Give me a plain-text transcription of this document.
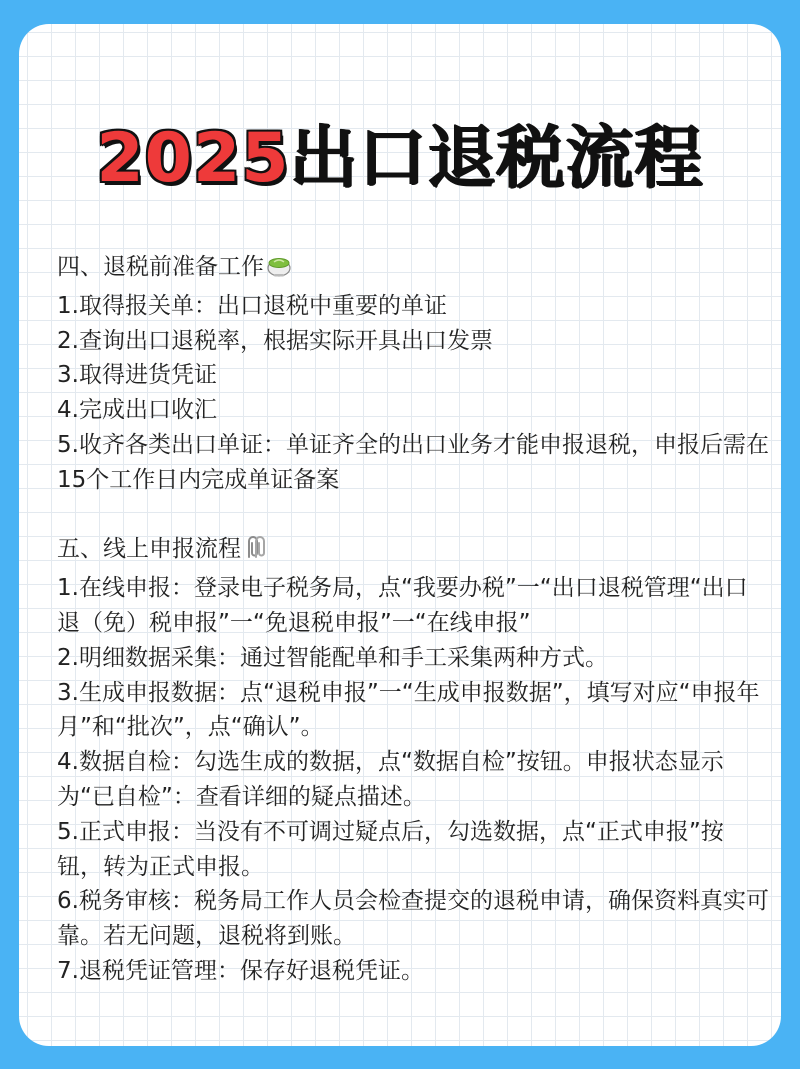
2025出口退税流程
四、退税前准备工作
1.取得报关单：出口退税中重要的单证
2.查询出口退税率，根据实际开具出口发票
3.取得进货凭证
4.完成出口收汇
5.收齐各类出口单证：单证齐全的出口业务才能申报退税，申报后需在15个工作日内完成单证备案
五、线上申报流程
1.在线申报：登录电子税务局，点“我要办税”一“出口退税管理“出口退（免）税申报”一“免退税申报”一“在线申报”
2.明细数据采集：通过智能配单和手工采集两种方式。
3.生成申报数据：点“退税申报”一“生成申报数据”，填写对应“申报年月”和“批次”，点“确认”。
4.数据自检：勾选生成的数据，点“数据自检”按钮。申报状态显示为“已自检”：查看详细的疑点描述。
5.正式申报：当没有不可调过疑点后，勾选数据，点“正式申报”按钮，转为正式申报。
6.税务审核：税务局工作人员会检查提交的退税申请，确保资料真实可靠。若无问题，退税将到账。
7.退税凭证管理：保存好退税凭证。
